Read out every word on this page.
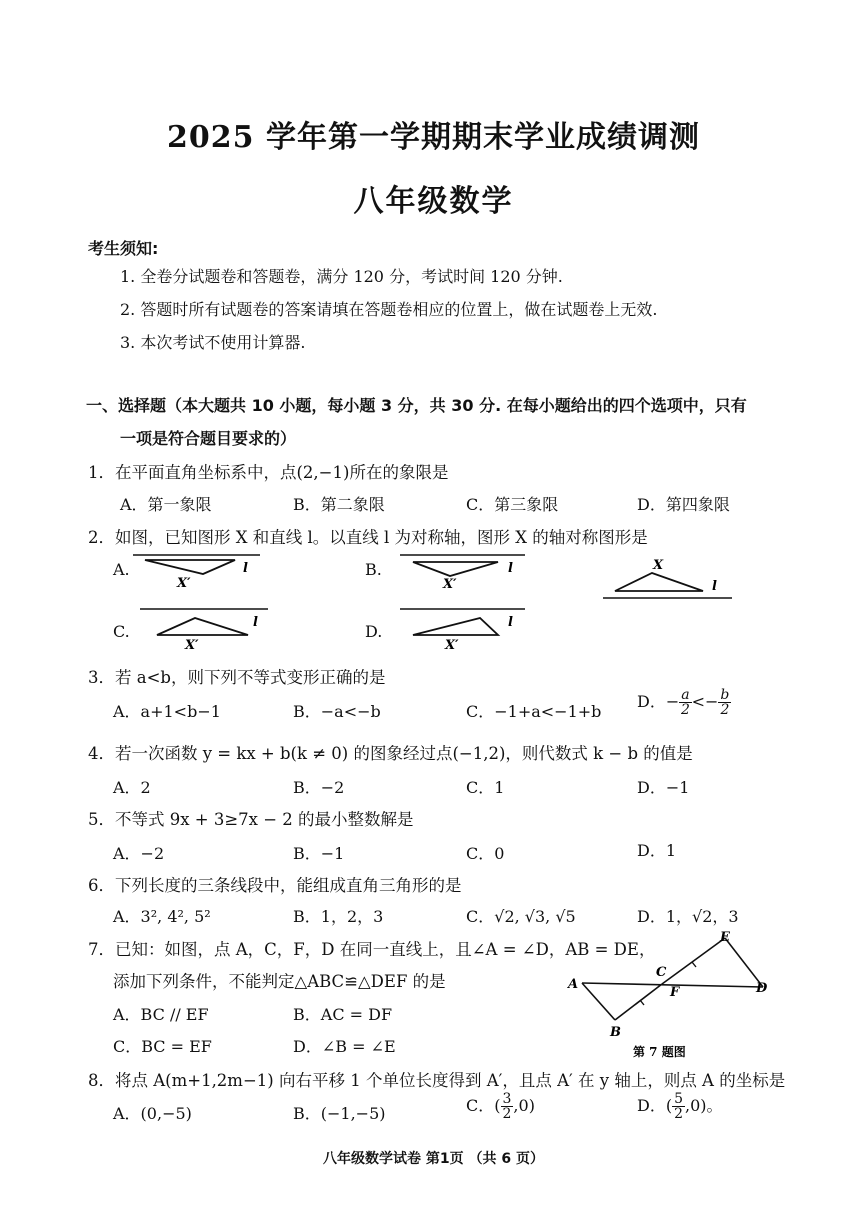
2025 学年第一学期期末学业成绩调测
八年级数学
考生须知:
1. 全卷分试题卷和答题卷，满分 120 分，考试时间 120 分钟.
2. 答题时所有试题卷的答案请填在答题卷相应的位置上，做在试题卷上无效.
3. 本次考试不使用计算器.
一、选择题（本大题共 10 小题，每小题 3 分，共 30 分. 在每小题给出的四个选项中，只有
一项是符合题目要求的）
1．在平面直角坐标系中，点(2,−1)所在的象限是
A．第一象限	B．第二象限	C．第三象限	D．第四象限
2．如图，已知图形 X 和直线 l。以直线 l 为对称轴，图形 X 的轴对称图形是
A.
X′
l	B.
X′
l	X
l
C.
X′
l	D.
X′
l
3．若 a<b，则下列不等式变形正确的是
A．a+1<b−1	B．−a<−b	C．−1+a<−1+b
D．− $\frac{a}{2} <- \frac{b}{2}$
4．若一次函数 y = kx + b(k ≠ 0) 的图象经过点(−1,2)，则代数式 k − b 的值是
A．2	B．−2	C．1	D．−1
5．不等式 9x + 3≥7x − 2 的最小整数解是
A．−2	B．−1	C．0	D．1
6．下列长度的三条线段中，能组成直角三角形的是
A．3², 4², 5²	B．1，2，3	C．√2, √3, √5	D．1，√2，3
7．已知：如图，点 A，C，F，D 在同一直线上，且∠A = ∠D，AB = DE，
添加下列条件，不能判定△ABC≌△DEF 的是
A．BC // EF	B．AC = DF
C．BC = EF	D．∠B = ∠E
A
B
C
F	D
E
第 7 题图
8．将点 A(m+1,2m−1) 向右平移 1 个单位长度得到 A′，且点 A′ 在 y 轴上，则点 A 的坐标是
A．(0,−5)	B．(−1,−5)	C．( $\frac{3}{2} ,0$)	D．( $\frac{5}{2} ,0$)。
八年级数学试卷 第1页 （共 6 页）
